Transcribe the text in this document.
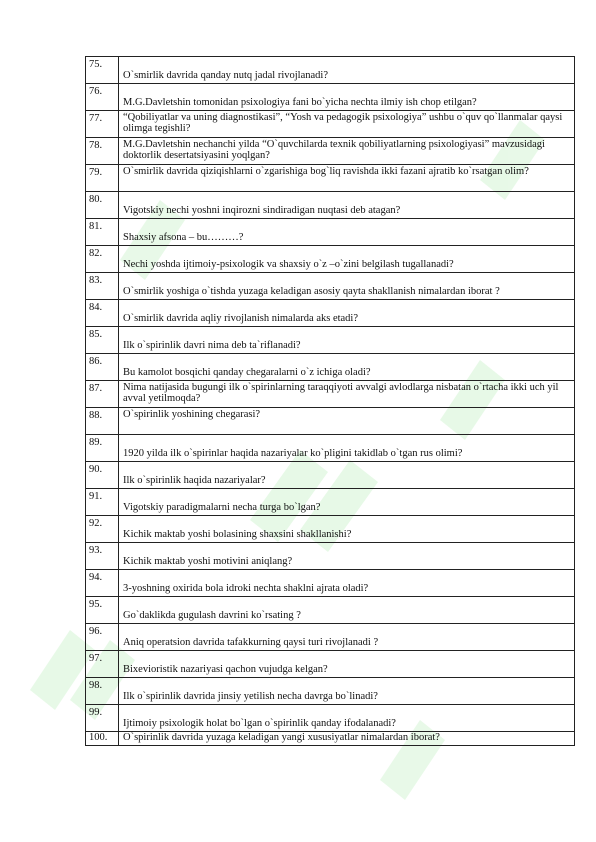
75.	O`smirlik davrida qanday nutq jadal rivojlanadi?
76.	M.G.Davletshin tomonidan psixologiya fani bo`yicha nechta ilmiy ish chop etilgan?
77.	“Qobiliyatlar va uning diagnostikasi”, “Yosh va pedagogik psixologiya” ushbu o`quv qo`llanmalar qaysi olimga tegishli?
78.	M.G.Davletshin nechanchi yilda “O`quvchilarda texnik qobiliyatlarning psixologiyasi” mavzusidagi doktorlik desertatsiyasini yoqlgan?
79.	O`smirlik davrida qiziqishlarni o`zgarishiga bog`liq ravishda ikki fazani ajratib ko`rsatgan olim?
80.	Vigotskiy nechi yoshni inqirozni sindiradigan nuqtasi deb atagan?
81.	Shaxsiy afsona – bu………?
82.	Nechi yoshda ijtimoiy-psixologik va shaxsiy o`z –o`zini belgilash tugallanadi?
83.	O`smirlik yoshiga o`tishda yuzaga keladigan asosiy qayta shakllanish nimalardan iborat ?
84.	O`smirlik davrida aqliy rivojlanish nimalarda aks etadi?
85.	Ilk o`spirinlik davri nima deb ta`riflanadi?
86.	Bu kamolot bosqichi qanday chegaralarni o`z ichiga oladi?
87.	Nima natijasida bugungi ilk o`spirinlarning taraqqiyoti avvalgi avlodlarga nisbatan o`rtacha ikki uch yil avval yetilmoqda?
88.	O`spirinlik yoshining chegarasi?
89.	1920 yilda ilk o`spirinlar haqida nazariyalar ko`pligini takidlab o`tgan rus olimi?
90.	Ilk o`spirinlik haqida nazariyalar?
91.	Vigotskiy paradigmalarni necha turga bo`lgan?
92.	Kichik maktab yoshi bolasining shaxsini shakllanishi?
93.	Kichik maktab yoshi motivini aniqlang?
94.	3-yoshning oxirida bola idroki nechta shaklni ajrata oladi?
95.	Go`daklikda gugulash davrini ko`rsating ?
96.	Aniq operatsion davrida tafakkurning qaysi turi rivojlanadi ?
97.	Bixevioristik nazariyasi qachon vujudga kelgan?
98.	Ilk o`spirinlik davrida jinsiy yetilish necha davrga bo`linadi?
99.	Ijtimoiy psixologik holat bo`lgan o`spirinlik qanday ifodalanadi?
100.	O`spirinlik davrida yuzaga keladigan yangi xususiyatlar nimalardan iborat?
